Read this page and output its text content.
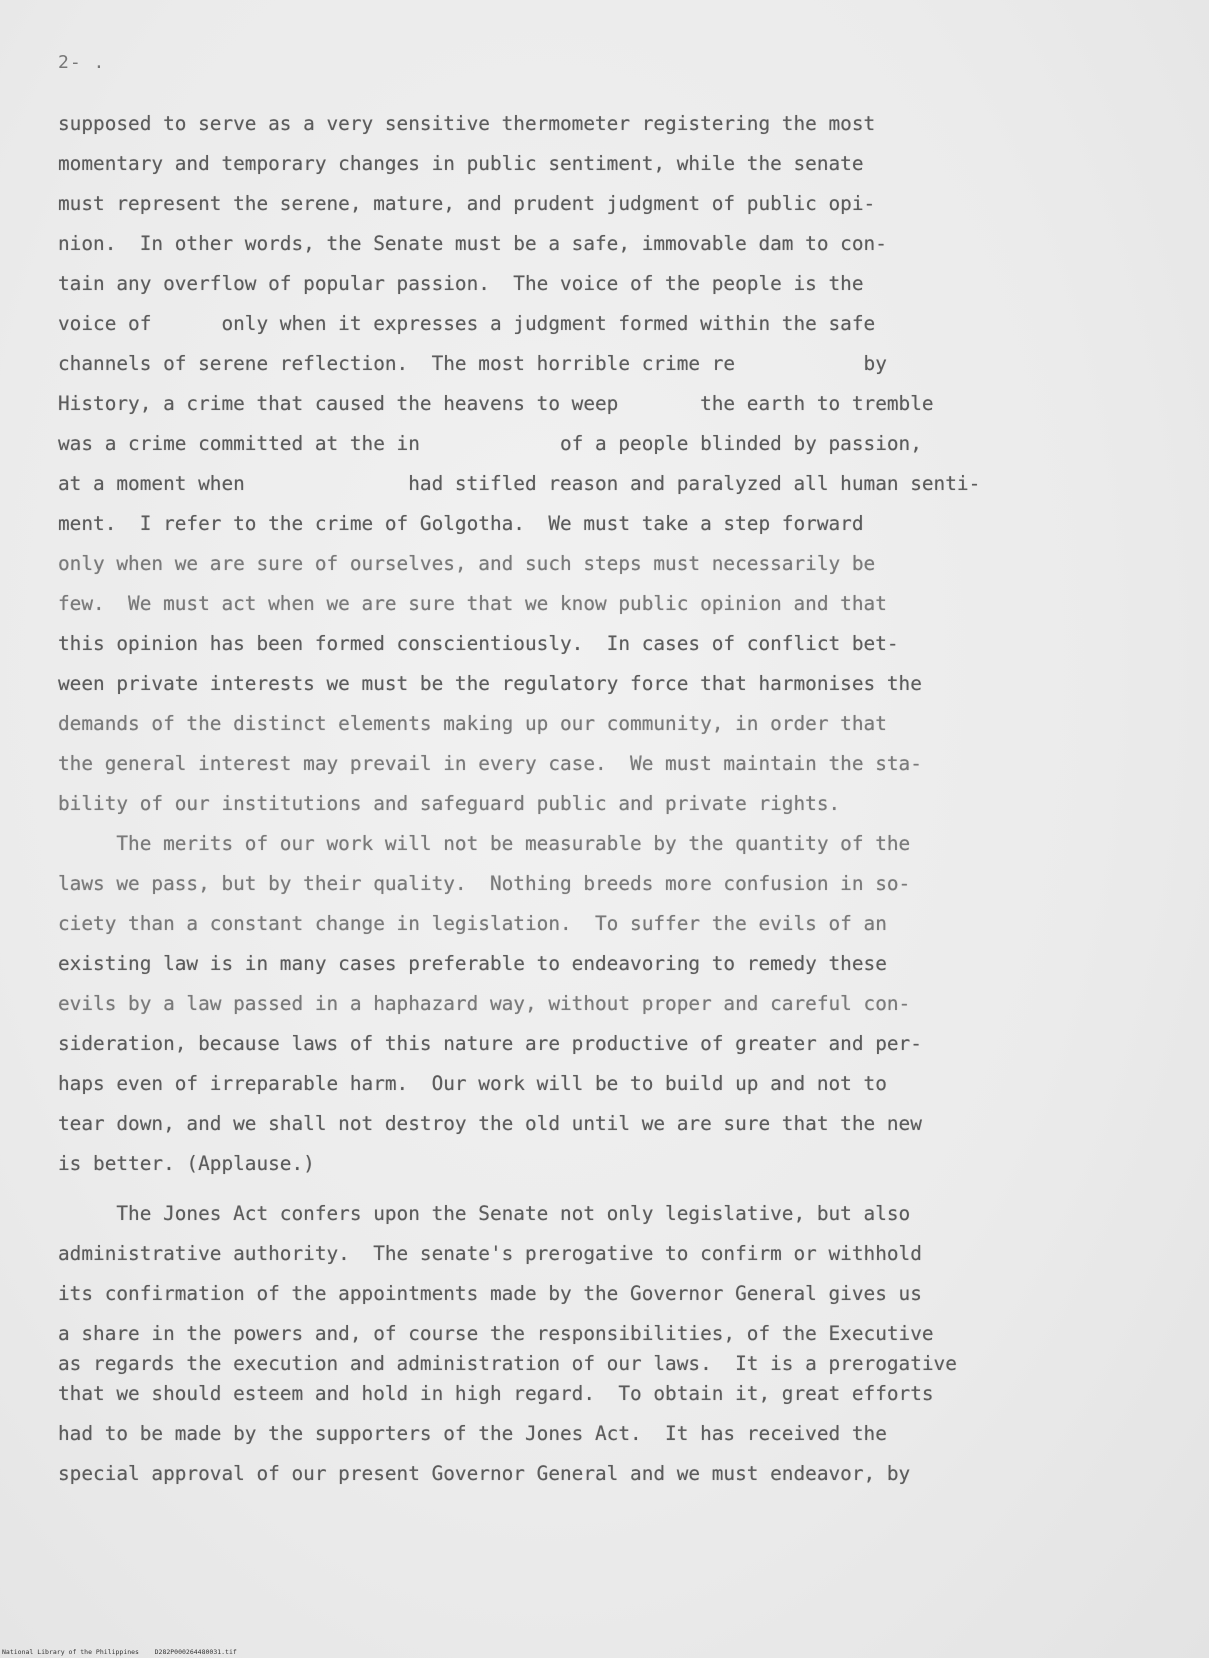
2- .
supposed to serve as a very sensitive thermometer registering the most
momentary and temporary changes in public sentiment, while the senate
must represent the serene, mature, and prudent judgment of public opi-
nion.  In other words, the Senate must be a safe, immovable dam to con-
tain any overflow of popular passion.  The voice of the people is the
voice of      only when it expresses a judgment formed within the safe
channels of serene reflection.  The most horrible crime re           by
History, a crime that caused the heavens to weep       the earth to tremble
was a crime committed at the in            of a people blinded by passion,
at a moment when              had stifled reason and paralyzed all human senti-
ment.  I refer to the crime of Golgotha.  We must take a step forward
only when we are sure of ourselves, and such steps must necessarily be
few.  We must act when we are sure that we know public opinion and that
this opinion has been formed conscientiously.  In cases of conflict bet-
ween private interests we must be the regulatory force that harmonises the
demands of the distinct elements making up our community, in order that
the general interest may prevail in every case.  We must maintain the sta-
bility of our institutions and safeguard public and private rights.
The merits of our work will not be measurable by the quantity of the
laws we pass, but by their quality.  Nothing breeds more confusion in so-
ciety than a constant change in legislation.  To suffer the evils of an
existing law is in many cases preferable to endeavoring to remedy these
evils by a law passed in a haphazard way, without proper and careful con-
sideration, because laws of this nature are productive of greater and per-
haps even of irreparable harm.  Our work will be to build up and not to
tear down, and we shall not destroy the old until we are sure that the new
is better. (Applause.)
The Jones Act confers upon the Senate not only legislative, but also
administrative authority.  The senate's prerogative to confirm or withhold
its confirmation of the appointments made by the Governor General gives us
a share in the powers and, of course the responsibilities, of the Executive
as regards the execution and administration of our laws.  It is a prerogative
that we should esteem and hold in high regard.  To obtain it, great efforts
had to be made by the supporters of the Jones Act.  It has received the
special approval of our present Governor General and we must endeavor, by
National Library of the Philippines    D282P000264480031.tif
